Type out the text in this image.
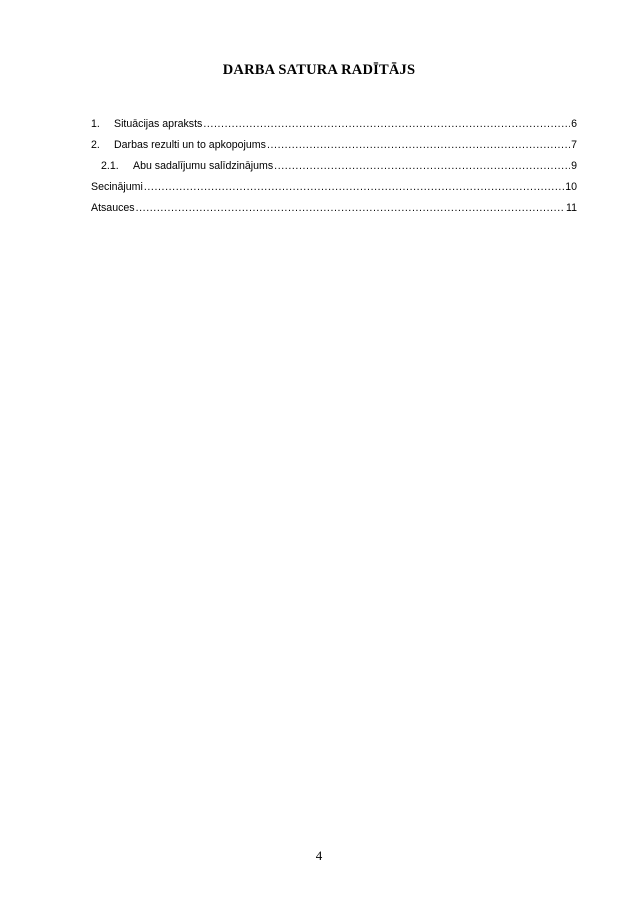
DARBA SATURA RADĪTĀJS
1.	Situācijas apraksts .....	6
2.	Darbas rezulti un to apkopojums .....	7
2.1.	Abu sadalījumu salīdzinājums .....	9
Secinājumi .....	10
Atsauces .....	11
4
